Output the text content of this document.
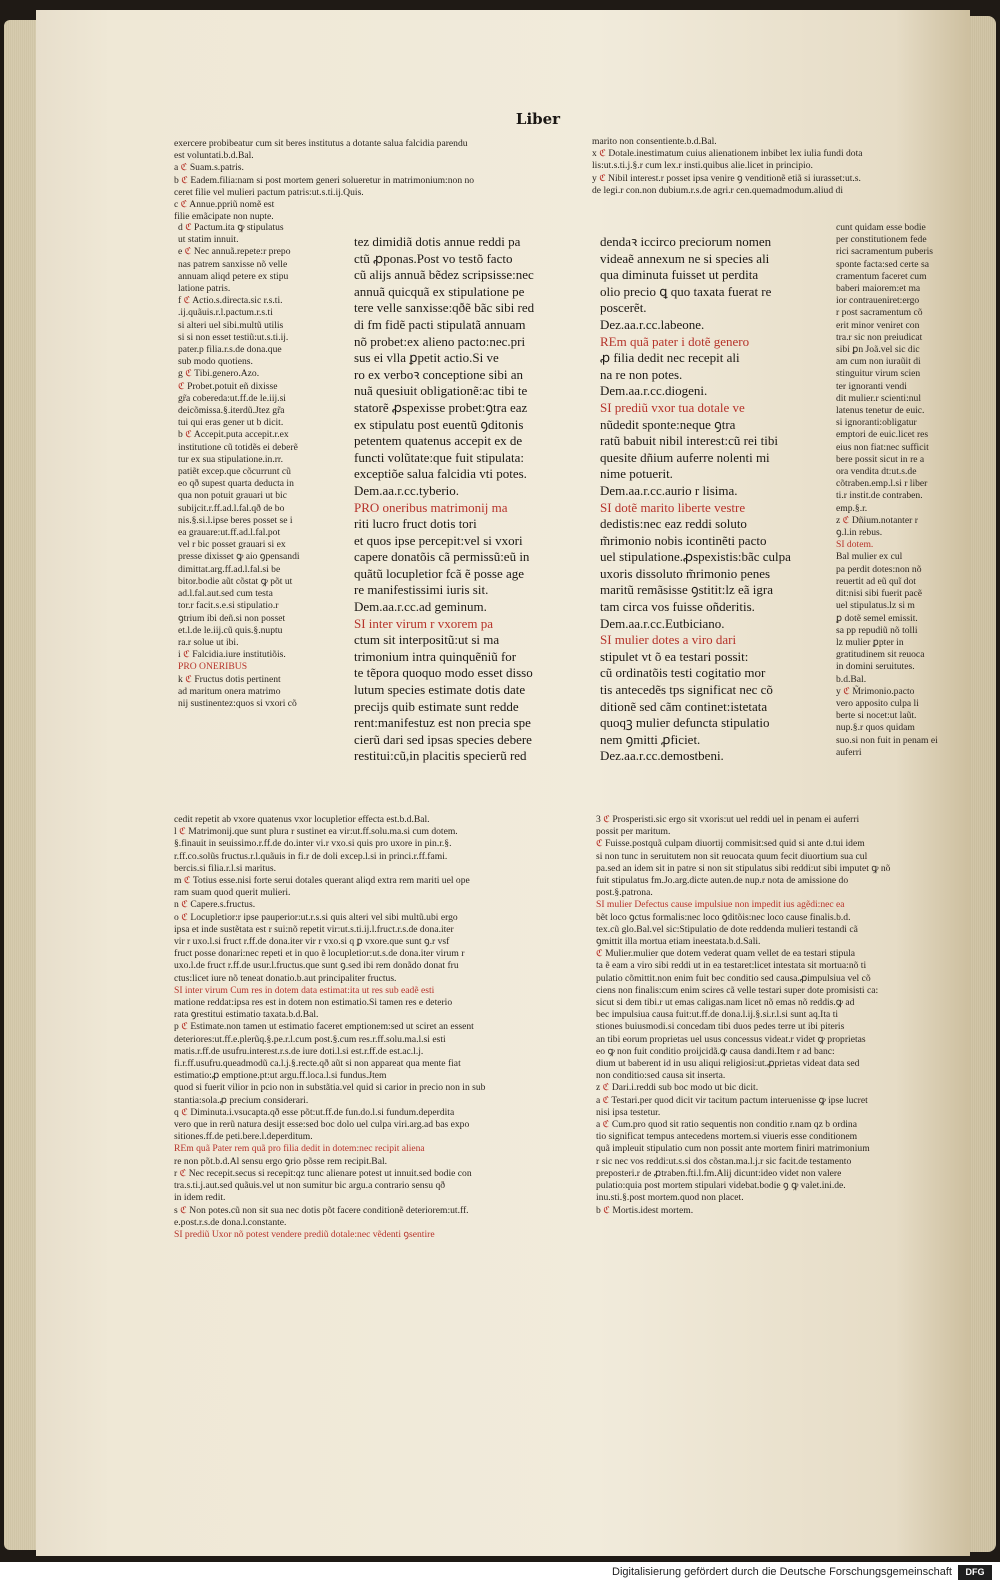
Liber

exercere probibeatur cum sit beres institutus a dotante salua falcidia parendu

est voluntati.b.d.Bal.

a ℭ Suam.s.patris.

b ℭ Eadem.filia:nam si post mortem generi solueretur in matrimonium:non no

ceret filie vel mulieri pactum patris:ut.s.ti.ij.Quis.

c ℭ Annue.ppriũ nomẽ est

filie emãcipate non nupte.

marito non consentiente.b.d.Bal.

x ℭ Dotale.inestimatum cuius alienationem inbibet lex iulia fundi dota

lis:ut.s.ti.j.§.r cum lex.r insti.quibus alie.licet in principio.

y ℭ Nibil interest.r posset ipsa venire ꝯ venditionẽ etiã si iurasset:ut.s.

de legi.r con.non dubium.r.s.de agri.r cen.quemadmodum.aliud di

d ℭ Pactum.ita ꝙ stipulatus

ut statim innuit.

e ℭ Nec annuã.repete:r prepo

nas patrem sanxisse nõ velle

annuam aliqd petere ex stipu

latione patris.

f ℭ Actio.s.directa.sic r.s.ti.

.ij.quãuis.r.l.pactum.r.s.ti

si alteri uel sibi.multũ utilis

si si non esset testiũ:ut.s.ti.ij.

pater.p filia.r.s.de dona.que

sub modo quotiens.

g ℭ Tibi.genero.Azo.

ℭ Probet.potuit eñ dixisse

gr̃a cobereda:ut.ff.de le.iij.si

deicõmissa.§.iterdũ.Jtez gr̃a

tui qui eras gener ut b dicit.

b ℭ Accepit.puta accepit.r.ex

institutione cũ totidẽs ei deberẽ

tur ex sua stipulatione.in.rr.

patiẽt excep.que cõcurrunt cũ

eo qð supest quarta deducta in

qua non potuit grauari ut bic

subijcit.r.ff.ad.l.fal.qð de bo

nis.§.si.l.ipse beres posset se i

ea grauare:ut.ff.ad.l.fal.pot

vel r bic posset grauari si ex

presse dixisset ꝙ aio ꝯpensandi

dimittat.arg.ff.ad.l.fal.si be

bitor.bodie aũt cõstat ꝙ põt ut

ad.l.fal.aut.sed cum testa

tor.r facit.s.e.si stipulatio.r

ꝯtrium ibi deñ.si non posset

et.l.de le.iij.cũ quis.§.nuptu

ra.r solue ut ibi.

i ℭ Falcidia.iure institutiõis.

PRO ONERIBUS

k ℭ Fructus dotis pertinent

ad maritum onera matrimo

nij sustinentez:quos si vxori cõ

tez dimidiã dotis annue reddi pa

ctũ ꝓponas.Post vo testõ facto

cũ alijs annuã bẽdez scripsisse:nec

annuã quicquã ex stipulatione pe

tere velle sanxisse:qðẽ bãc sibi red

di fm fidẽ pacti stipulatã annuam

nõ probet:ex alieno pacto:nec.pri

sus ei vlla ꝑpetit actio.Si ve

ro ex verboꝛ conceptione sibi an

nuã quesiuit obligationẽ:ac tibi te

statorẽ ꝓspexisse probet:ꝯtra eaz

ex stipulatu post euentũ ꝯditonis

petentem quatenus accepit ex de

functi volũtate:que fuit stipulata:

exceptiõe salua falcidia vti potes.

Dem.aa.r.cc.tyberio.

PRO oneribus matrimonij ma

riti lucro fruct dotis tori

et quos ipse percepit:vel si vxori

capere donatõis cã permissũ:eũ in

quãtũ locupletior fcã ẽ posse age

re manifestissimi iuris sit.

Dem.aa.r.cc.ad geminum.

SI inter virum r vxorem pa

ctum sit interpositũ:ut si ma

trimonium intra quinquẽniũ for

te tẽpora quoquo modo esset disso

lutum species estimate dotis date

precijs quib estimate sunt redde

rent:manifestuz est non precia spe

cierũ dari sed ipsas species debere

restitui:cũ,in placitis specierũ red

dendaꝛ iccirco preciorum nomen

videaẽ annexum ne si species ali

qua diminuta fuisset ut perdita

olio precio ꝗ quo taxata fuerat re

poscerẽt.

Dez.aa.r.cc.labeone.

REm quã pater i dotẽ genero

ꝓ filia dedit nec recepit ali

na re non potes.

Dem.aa.r.cc.diogeni.

SI prediũ vxor tua dotale ve

nũdedit sponte:neque ꝯtra

ratũ babuit nibil interest:cũ rei tibi

quesite dñium auferre nolenti mi

nime potuerit.

Dem.aa.r.cc.aurio r lisima.

SI dotẽ marito liberte vestre

dedistis:nec eaz reddi soluto

m̃rimonio nobis icontinẽti pacto

uel stipulatione.ꝓspexistis:bãc culpa

uxoris dissoluto m̃rimonio penes

maritũ remãsisse ꝯstitit:lz eã igra

tam circa vos fuisse oñderitis.

Dem.aa.r.cc.Eutbiciano.

SI mulier dotes a viro dari

stipulet vt õ ea testari possit:

cũ ordinatõis testi cogitatio mor

tis antecedẽs tps significat nec cõ

ditionẽ sed cãm continet:istetata

quoqꝫ mulier defuncta stipulatio

nem ꝯmitti ꝓficiet.

Dez.aa.r.cc.demostbeni.

cunt quidam esse bodie

per constitutionem fede

rici sacramentum puberis

sponte facta:sed certe sa

cramentum faceret cum

baberi maiorem:et ma

ior contraueniret:ergo

r post sacramentum cõ

erit minor veniret con

tra.r sic non preiudicat

sibi ꝑn Joã.vel sic dic

am cum non iuraũit di

stinguitur virum scien

ter ignoranti vendi

dit mulier.r scienti:nul

latenus tenetur de euic.

si ignoranti:obligatur

emptori de euic.licet res

eius non fiat:nec sufficit

bere possit sicut in re a

ora vendita dt:ut.s.de

cõtraben.emp.l.si r liber

ti.r instit.de contraben.

emp.§.r.

z ℭ Dñium.notanter r

ꝯ.l.in rebus.

SI dotem.

Bal mulier ex cul

pa perdit dotes:non nõ

reuertit ad eũ quĩ dot

dit:nisi sibi fuerit pacẽ

uel stipulatus.lz si m

ꝑ dotẽ semel emissit.

sa pp repudiũ nõ tolli

lz mulier ꝑpter in

gratitudinem sit reuoca

in domini seruitutes.

b.d.Bal.

y ℭ M̃rimonio.pacto

vero apposito culpa li

berte si nocet:ut laũt.

nup.§.r quos quidam

suo.si non fuit in penam ei auferri

cedit repetit ab vxore quatenus vxor locupletior effecta est.b.d.Bal.

l ℭ Matrimonij.que sunt plura r sustinet ea vir:ut.ff.solu.ma.si cum dotem.

§.finauit in seuissimo.r.ff.de do.inter vi.r vxo.si quis pro uxore in pin.r.§.

r.ff.co.solũs fructus.r.l.quãuis in fi.r de doli excep.l.si in princi.r.ff.fami.

bercis.si filia.r.l.si maritus.

m ℭ Totius esse.nisi forte serui dotales querant aliqd extra rem mariti uel ope

ram suam quod querit mulieri.

n ℭ Capere.s.fructus.

o ℭ Locupletior:r ipse pauperior:ut.r.s.si quis alteri vel sibi multũ.ubi ergo

ipsa et inde sustẽtata est r sui:nõ repetit vir:ut.s.ti.ij.l.fruct.r.s.de dona.iter

vir r uxo.l.si fruct r.ff.de dona.iter vir r vxo.si q ꝑ vxore.que sunt ꝯ.r vsf

fruct posse donari:nec repeti et in quo ẽ locupletior:ut.s.de dona.iter virum r

uxo.l.de fruct r.ff.de usur.l.fructus.que sunt ꝯ.sed ibi rem donãdo donat fru

ctus:licet iure nõ teneat donatio.b.aut principaliter fructus.

SI inter virum Cum res in dotem data estimat:ita ut res sub eadẽ esti

matione reddat:ipsa res est in dotem non estimatio.Si tamen res e deterio

rata ꝯrestitui estimatio taxata.b.d.Bal.

p ℭ Estimate.non tamen ut estimatio faceret emptionem:sed ut sciret an essent

deteriores:ut.ff.e.plerũq.§.pe.r.l.cum post.§.cum res.r.ff.solu.ma.l.si esti

matis.r.ff.de usufru.interest.r.s.de iure doti.l.si est.r.ff.de est.ac.l.j.

fi.r.ff.usufru.queadmodũ ca.l.j.§.recte.qð aũt si non appareat qua mente fiat

estimatio:ꝓ emptione.pt:ut argu.ff.loca.l.si fundus.Jtem

quod si fuerit vilior in pcio non in substãtia.vel quid si carior in precio non in sub

stantia:sola.ꝓ precium considerari.

q ℭ Diminuta.i.vsucapta.qð esse põt:ut.ff.de fun.do.l.si fundum.deperdita

vero que in rerũ natura desijt esse:sed boc dolo uel culpa viri.arg.ad bas expo

sitiones.ff.de peti.bere.l.deperditum.

REm quã Pater rem quã pro filia dedit in dotem:nec recipit aliena

re non põt.b.d.Al sensu ergo ꝯrio põsse rem recipit.Bal.

r ℭ Nec recepit.secus si recepit:qz tunc alienare potest ut innuit.sed bodie con

tra.s.ti.j.aut.sed quãuis.vel ut non sumitur bic argu.a contrario sensu qð

in idem redit.

s ℭ Non potes.cũ non sit sua nec dotis põt facere conditionẽ deteriorem:ut.ff.

e.post.r.s.de dona.l.constante.

SI prediũ Uxor nõ potest vendere prediũ dotale:nec vẽdenti ꝯsentire

3 ℭ Prosperisti.sic ergo sit vxoris:ut uel reddi uel in penam ei auferri

possit per maritum.

ℭ Fuisse.postquã culpam diuortij commisit:sed quid si ante d.tui idem

si non tunc in seruitutem non sit reuocata quum fecit diuortium sua cul

pa.sed an idem sit in patre si non sit stipulatus sibi reddi:ut sibi imputet ꝙ nõ

fuit stipulatus fm.Jo.arg.dicte auten.de nup.r nota de amissione do

post.§.patrona.

SI mulier Defectus cause impulsiue non impedit ius agẽdi:nec ea

bẽt loco ꝯctus formalis:nec loco ꝯditõis:nec loco cause finalis.b.d.

tex.cũ glo.Bal.vel sic:Stipulatio de dote reddenda mulieri testandi cã

ꝯmittit illa mortua etiam ineestata.b.d.Sali.

ℭ Mulier.mulier que dotem vederat quam vellet de ea testari stipula

ta ẽ eam a viro sibi reddi ut in ea testaret:licet intestata sit mortua:nõ ti

pulatio cõmittit.non enim fuit bec conditio sed causa.ꝓimpulsiua vel cõ

ciens non finalis:cum enim scires cã velle testari super dote promisisti ca:

sicut si dem tibi.r ut emas caligas.nam licet nõ emas nõ reddis.ꝙ ad

bec impulsiua causa fuit:ut.ff.de dona.l.ij.§.si.r.l.si sunt aq.Ita ti

stiones buiusmodi.si concedam tibi duos pedes terre ut ibi piteris

an tibi eorum proprietas uel usus concessus videat.r videt ꝙ proprietas

eo ꝙ non fuit conditio proijcidã.ꝙ causa dandi.Item r ad banc:

dium ut baberent id in usu aliqui religiosi:ut.ꝓprietas videat data sed

non conditio:sed causa sit inserta.

z ℭ Dari.i.reddi sub boc modo ut bic dicit.

a ℭ Testari.per quod dicit vir tacitum pactum interuenisse ꝙ ipse lucret

nisi ipsa testetur.

a ℭ Cum.pro quod sit ratio sequentis non conditio r.nam qz b ordina

tio significat tempus antecedens mortem.si viueris esse conditionem

quã impleuit stipulatio cum non possit ante mortem finiri matrimonium

r sic nec vos reddi:ut.s.si dos cõstan.ma.l.j.r sic facit.de testamento

preposteri.r de ꝓtraben.fti.l.fm.Alij dicunt:ideo videt non valere

pulatio:quia post mortem stipulari videbat.bodie ꝯ ꝙ valet.ini.de.

inu.sti.§.post mortem.quod non placet.

b ℭ Mortis.idest mortem.

Digitalisierung gefördert durch die Deutsche Forschungsgemeinschaft	DFG
